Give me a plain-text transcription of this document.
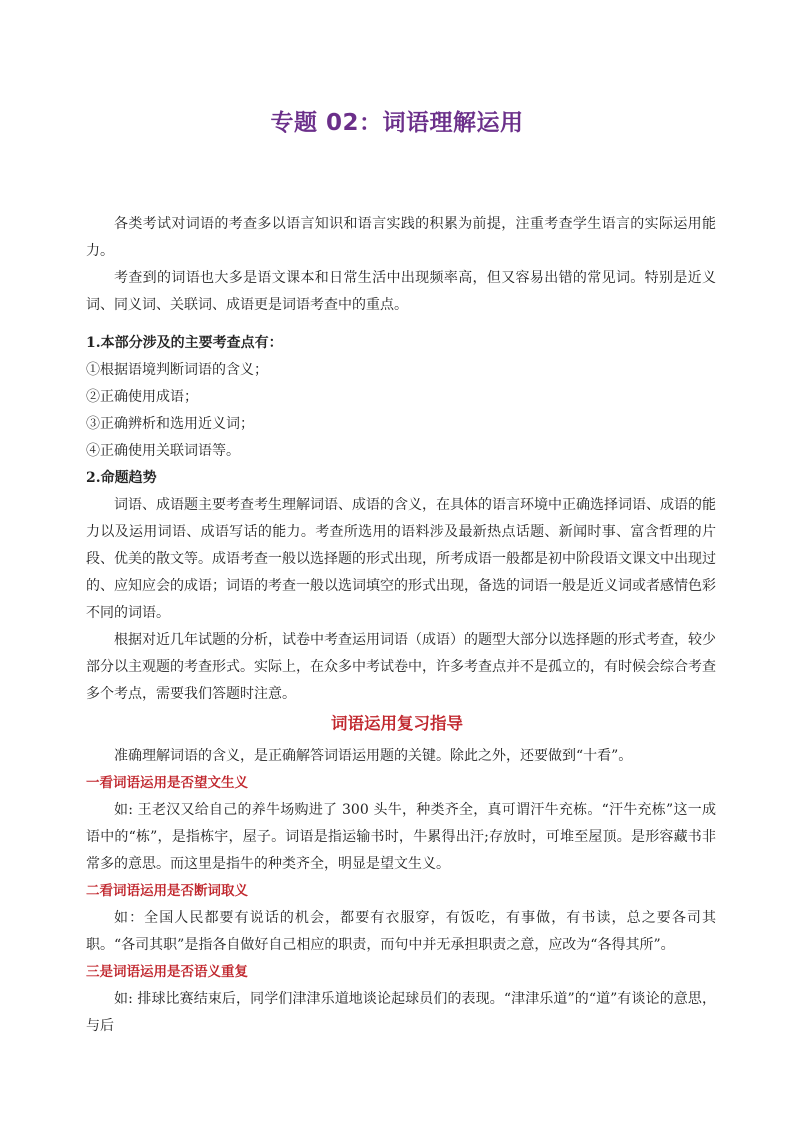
专题 02：词语理解运用

各类考试对词语的考查多以语言知识和语言实践的积累为前提，注重考查学生语言的实际运用能力。

考查到的词语也大多是语文课本和日常生活中出现频率高，但又容易出错的常见词。特别是近义词、同义词、关联词、成语更是词语考查中的重点。

1.本部分涉及的主要考查点有：

①根据语境判断词语的含义；

②正确使用成语；

③正确辨析和选用近义词；

④正确使用关联词语等。

2.命题趋势

词语、成语题主要考查考生理解词语、成语的含义，在具体的语言环境中正确选择词语、成语的能力以及运用词语、成语写话的能力。考查所选用的语料涉及最新热点话题、新闻时事、富含哲理的片段、优美的散文等。成语考查一般以选择题的形式出现，所考成语一般都是初中阶段语文课文中出现过的、应知应会的成语；词语的考查一般以选词填空的形式出现，备选的词语一般是近义词或者感情色彩不同的词语。

根据对近几年试题的分析，试卷中考查运用词语（成语）的题型大部分以选择题的形式考查，较少部分以主观题的考查形式。实际上，在众多中考试卷中，许多考查点并不是孤立的，有时候会综合考查多个考点，需要我们答题时注意。

词语运用复习指导

准确理解词语的含义，是正确解答词语运用题的关键。除此之外，还要做到“十看”。

一看词语运用是否望文生义

如: 王老汉又给自己的养牛场购进了 300 头牛，种类齐全，真可谓汗牛充栋。“汗牛充栋”这一成语中的“栋”，是指栋宇，屋子。词语是指运输书时，牛累得出汗;存放时，可堆至屋顶。是形容藏书非常多的意思。而这里是指牛的种类齐全，明显是望文生义。

二看词语运用是否断词取义

如：全国人民都要有说话的机会，都要有衣服穿，有饭吃，有事做，有书读，总之要各司其职。“各司其职”是指各自做好自己相应的职责，而句中并无承担职责之意，应改为“各得其所”。

三是词语运用是否语义重复

如: 排球比赛结束后，同学们津津乐道地谈论起球员们的表现。“津津乐道”的“道”有谈论的意思，与后
